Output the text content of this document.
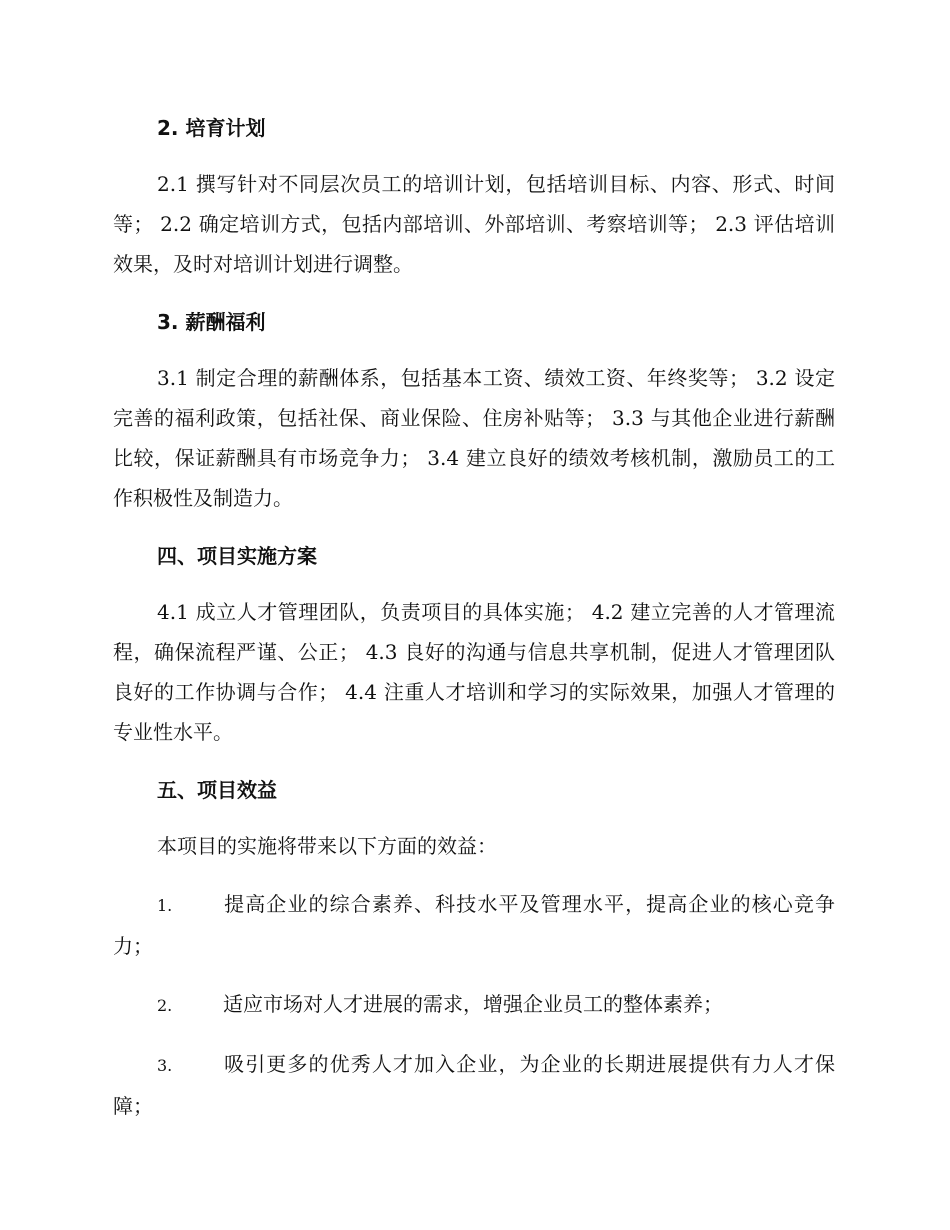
2. 培育计划

2.1 撰写针对不同层次员工的培训计划，包括培训目标、内容、形式、时间等； 2.2 确定培训方式，包括内部培训、外部培训、考察培训等； 2.3 评估培训效果，及时对培训计划进行调整。

3. 薪酬福利

3.1 制定合理的薪酬体系，包括基本工资、绩效工资、年终奖等； 3.2 设定完善的福利政策，包括社保、商业保险、住房补贴等； 3.3 与其他企业进行薪酬比较，保证薪酬具有市场竞争力； 3.4 建立良好的绩效考核机制，激励员工的工作积极性及制造力。

四、项目实施方案

4.1 成立人才管理团队，负责项目的具体实施； 4.2 建立完善的人才管理流程，确保流程严谨、公正； 4.3 良好的沟通与信息共享机制，促进人才管理团队良好的工作协调与合作； 4.4 注重人才培训和学习的实际效果，加强人才管理的专业性水平。

五、项目效益

本项目的实施将带来以下方面的效益：

1.	提高企业的综合素养、科技水平及管理水平，提高企业的核心竞争力；

2.	适应市场对人才进展的需求，增强企业员工的整体素养；

3.	吸引更多的优秀人才加入企业，为企业的长期进展提供有力人才保障；
